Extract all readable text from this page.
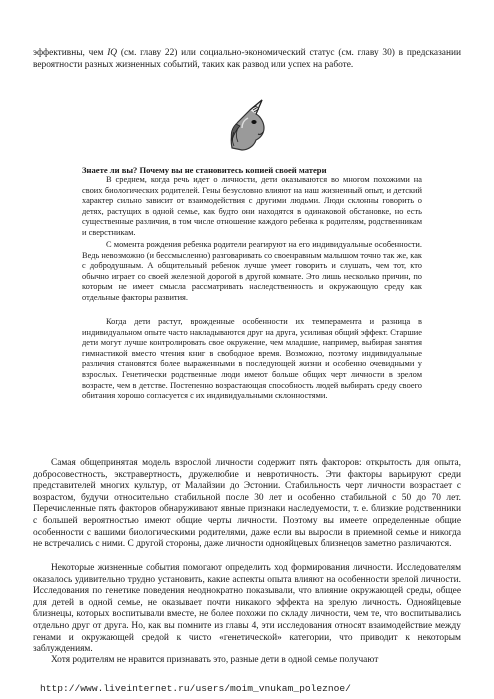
эффективны, чем IQ (см. главу 22) или социально-экономический статус (см. главу 30) в предсказании вероятности разных жизненных событий, таких как развод или успех на работе.

Знаете ли вы? Почему вы не становитесь копией своей матери

В среднем, когда речь идет о личности, дети оказываются во многом похожими на своих биологических родителей. Гены безусловно влияют на наш жизненный опыт, и детский характер сильно зависит от взаимодействия с другими людьми. Люди склонны говорить о детях, растущих в одной семье, как будто они находятся в одинаковой обстановке, но есть существенные различия, в том числе отношение каждого ребенка к родителям, родственникам и сверстникам.

С момента рождения ребенка родители реагируют на его индивидуальные особенности. Ведь невозможно (и бессмысленно) разговаривать со своенравным малышом точно так же, как с добродушным. А общительный ребенок лучше умеет говорить и слушать, чем тот, кто обычно играет со своей железной дорогой в другой комнате. Это лишь несколько причин, по которым не имеет смысла рассматривать наследственность и окружающую среду как отдельные факторы развития.

Когда дети растут, врожденные особенности их темперамента и разница в индивидуальном опыте часто накладываются друг на друга, усиливая общий эффект. Старшие дети могут лучше контролировать свое окружение, чем младшие, например, выбирая занятия гимнастикой вместо чтения книг в свободное время. Возможно, поэтому индивидуальные различия становятся более выраженными в последующей жизни и особенно очевидными у взрослых. Генетически родственные люди имеют больше общих черт личности в зрелом возрасте, чем в детстве. Постепенно возрастающая способность людей выбирать среду своего обитания хорошо согласуется с их индивидуальными склонностями.

Самая общепринятая модель взрослой личности содержит пять факторов: открытость для опыта, добросовестность, экстравертность, дружелюбие и невротичность. Эти факторы варьируют среди представителей многих культур, от Малайзии до Эстонии. Стабильность черт личности возрастает с возрастом, будучи относительно стабильной после 30 лет и особенно стабильной с 50 до 70 лет. Перечисленные пять факторов обнаруживают явные признаки наследуемости, т. е. близкие родственники с большей вероятностью имеют общие черты личности. Поэтому вы имеете определенные общие особенности с вашими биологическими родителями, даже если вы выросли в приемной семье и никогда не встречались с ними. С другой стороны, даже личности однояйцевых близнецов заметно различаются.

Некоторые жизненные события помогают определить ход формирования личности. Исследователям оказалось удивительно трудно установить, какие аспекты опыта влияют на особенности зрелой личности. Исследования по генетике поведения неоднократно показывали, что влияние окружающей среды, общее для детей в одной семье, не оказывает почти никакого эффекта на зрелую личность. Однояйцевые близнецы, которых воспитывали вместе, не более похожи по складу личности, чем те, что воспитывались отдельно друг от друга. Но, как вы помните из главы 4, эти исследования относят взаимодействие между генами и окружающей средой к чисто «генетической» категории, что приводит к некоторым заблуждениям.

Хотя родителям не нравится признавать это, разные дети в одной семье получают

http://www.liveinternet.ru/users/moim_vnukam_poleznoe/
